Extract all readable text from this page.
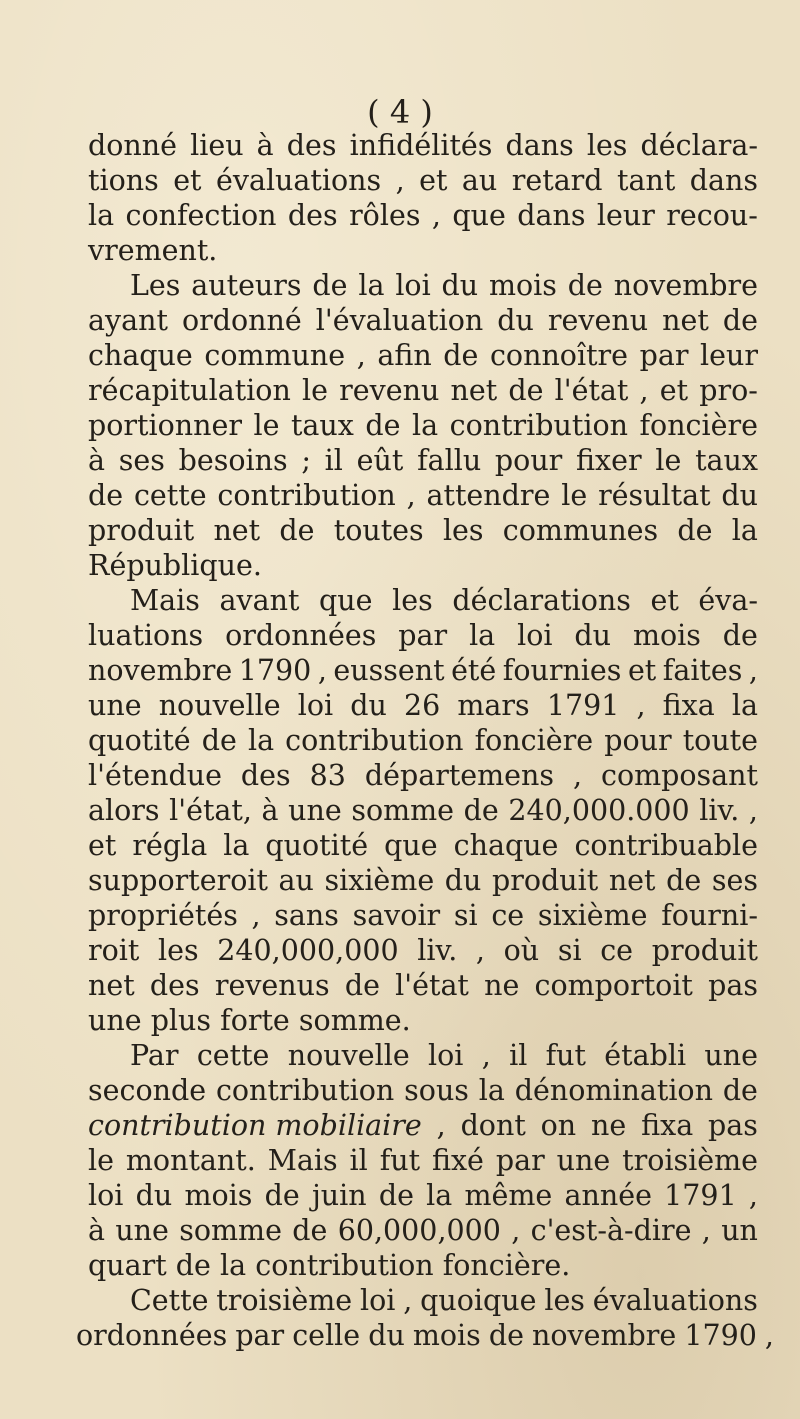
( 4 )
donné lieu à des infidélités dans les déclara-
tions et évaluations , et au retard tant dans
la confection des rôles , que dans leur recou-
vrement.
Les auteurs de la loi du mois de novembre
ayant ordonné l'évaluation du revenu net de
chaque commune , afin de connoître par leur
récapitulation le revenu net de l'état , et pro-
portionner le taux de la contribution foncière
à ses besoins ; il eût fallu pour fixer le taux
de cette contribution , attendre le résultat du
produit net de toutes les communes de la
République.
Mais avant que les déclarations et éva-
luations ordonnées par la loi du mois de
novembre 1790 , eussent été fournies et faites ,
une nouvelle loi du 26 mars 1791 , fixa la
quotité de la contribution foncière pour toute
l'étendue des 83 départemens , composant
alors l'état, à une somme de 240,000.000 liv. ,
et régla la quotité que chaque contribuable
supporteroit au sixième du produit net de ses
propriétés , sans savoir si ce sixième fourni-
roit les 240,000,000 liv. , où si ce produit
net des revenus de l'état ne comportoit pas
une plus forte somme.
Par cette nouvelle loi , il fut établi une
seconde contribution sous la dénomination de
contribution mobiliaire , dont on ne fixa pas
le montant. Mais il fut fixé par une troisième
loi du mois de juin de la même année 1791 ,
à une somme de 60,000,000 , c'est-à-dire , un
quart de la contribution foncière.
Cette troisième loi , quoique les évaluations
ordonnées par celle du mois de novembre 1790 ,
